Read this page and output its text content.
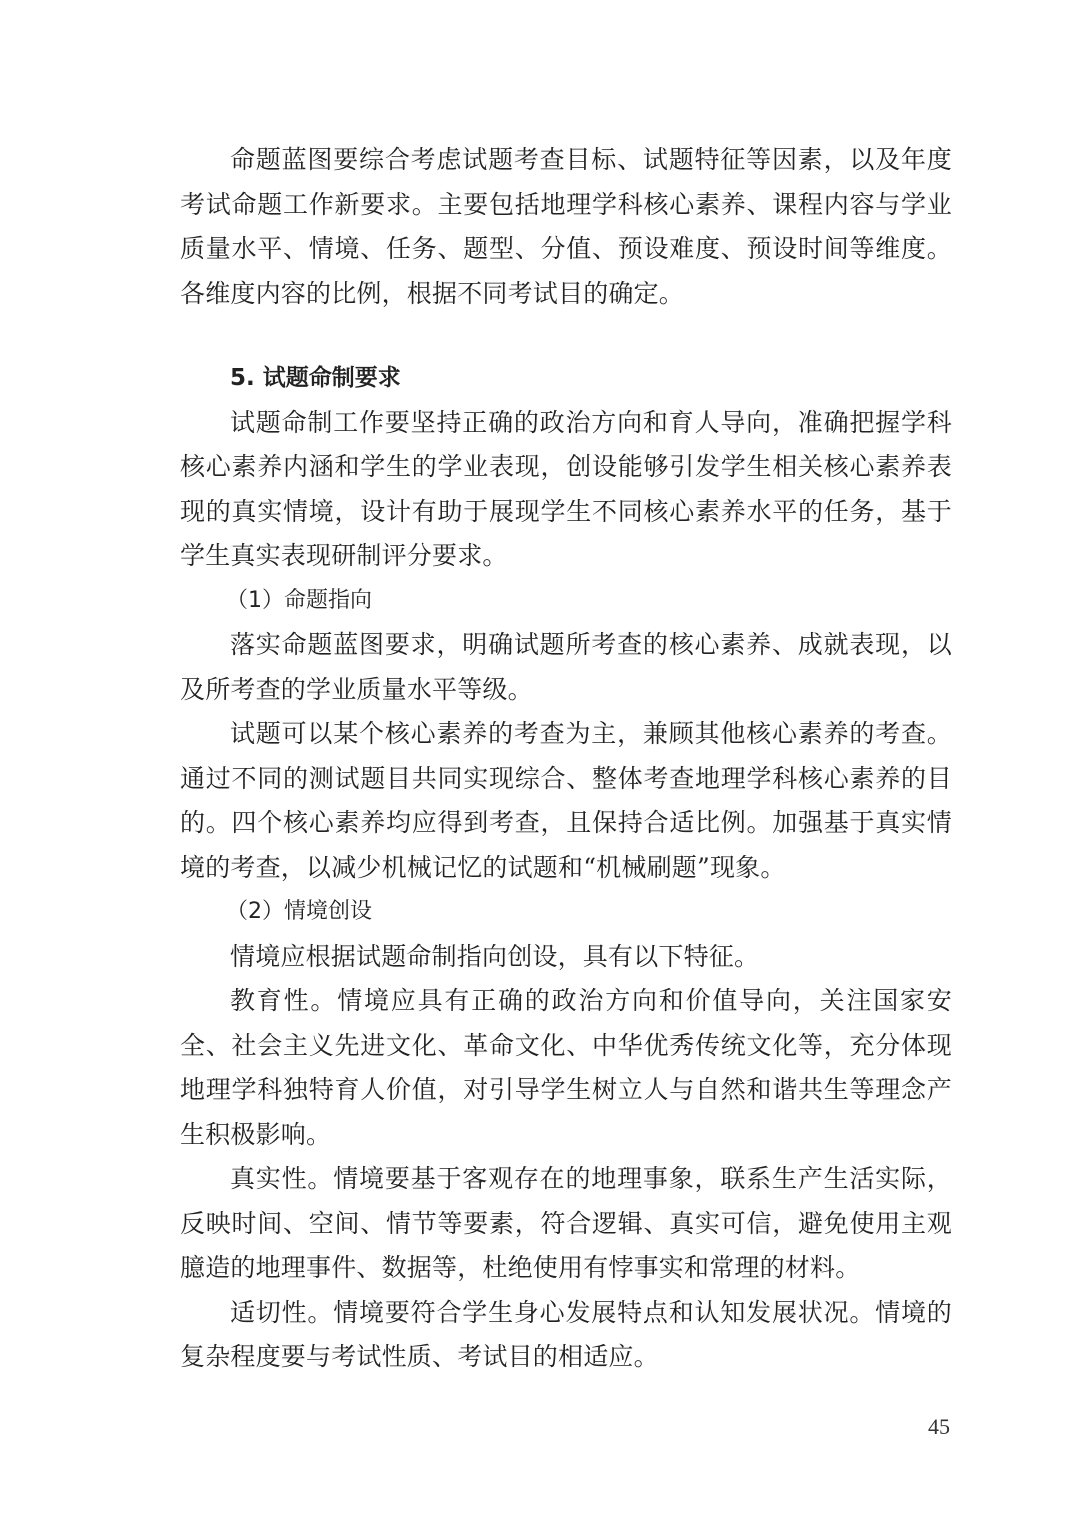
命题蓝图要综合考虑试题考查目标、试题特征等因素，以及年度考试命题工作新要求。主要包括地理学科核心素养、课程内容与学业质量水平、情境、任务、题型、分值、预设难度、预设时间等维度。各维度内容的比例，根据不同考试目的确定。

5. 试题命制要求

试题命制工作要坚持正确的政治方向和育人导向，准确把握学科核心素养内涵和学生的学业表现，创设能够引发学生相关核心素养表现的真实情境，设计有助于展现学生不同核心素养水平的任务，基于学生真实表现研制评分要求。

（1）命题指向

落实命题蓝图要求，明确试题所考查的核心素养、成就表现，以及所考查的学业质量水平等级。

试题可以某个核心素养的考查为主，兼顾其他核心素养的考查。通过不同的测试题目共同实现综合、整体考查地理学科核心素养的目的。四个核心素养均应得到考查，且保持合适比例。加强基于真实情境的考查，以减少机械记忆的试题和“机械刷题”现象。

（2）情境创设

情境应根据试题命制指向创设，具有以下特征。

教育性。情境应具有正确的政治方向和价值导向，关注国家安全、社会主义先进文化、革命文化、中华优秀传统文化等，充分体现地理学科独特育人价值，对引导学生树立人与自然和谐共生等理念产生积极影响。

真实性。情境要基于客观存在的地理事象，联系生产生活实际，反映时间、空间、情节等要素，符合逻辑、真实可信，避免使用主观臆造的地理事件、数据等，杜绝使用有悖事实和常理的材料。

适切性。情境要符合学生身心发展特点和认知发展状况。情境的复杂程度要与考试性质、考试目的相适应。

45
